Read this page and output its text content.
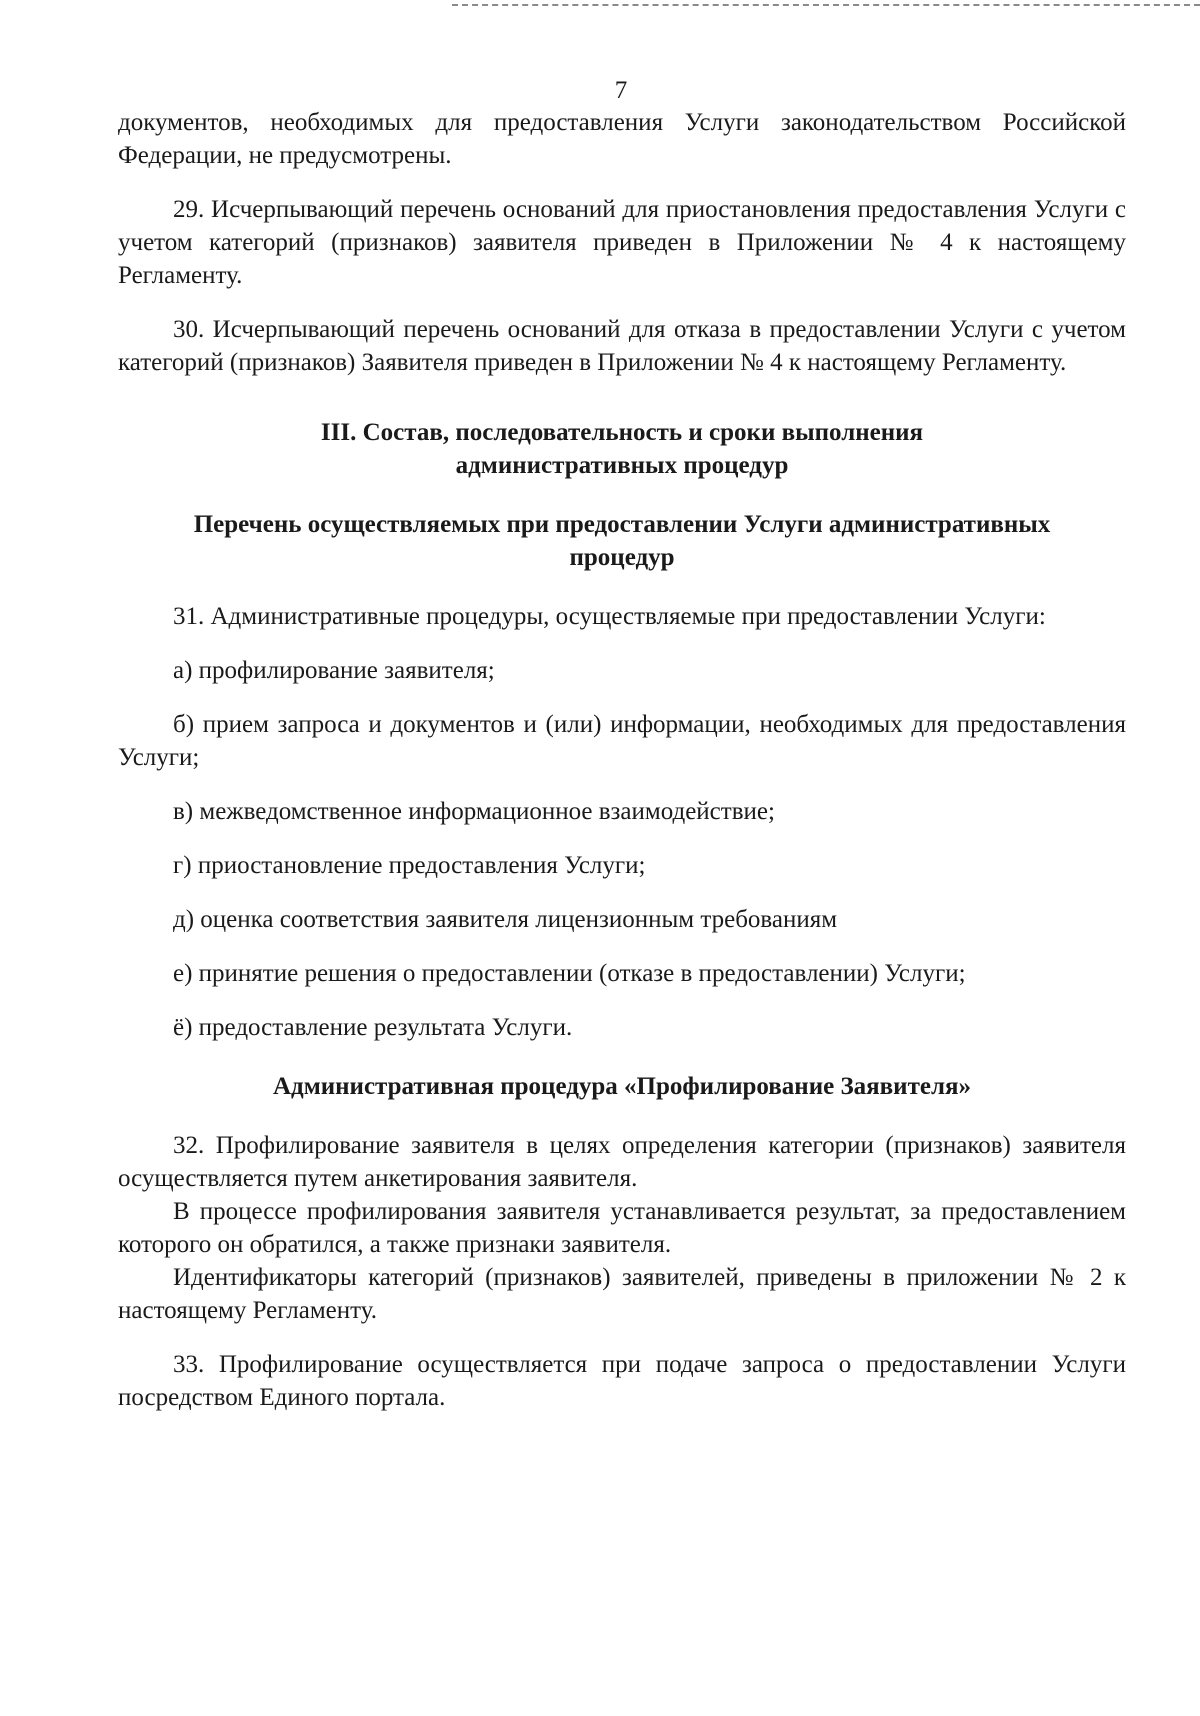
7

документов, необходимых для предоставления Услуги законодательством Российской Федерации, не предусмотрены.

29. Исчерпывающий перечень оснований для приостановления предоставления Услуги с учетом категорий (признаков) заявителя приведен в Приложении № 4 к настоящему Регламенту.

30. Исчерпывающий перечень оснований для отказа в предоставлении Услуги с учетом категорий (признаков) Заявителя приведен в Приложении № 4 к настоящему Регламенту.

III. Состав, последовательность и сроки выполнения

административных процедур

Перечень осуществляемых при предоставлении Услуги административных

процедур

31. Административные процедуры, осуществляемые при предоставлении Услуги:

а) профилирование заявителя;

б) прием запроса и документов и (или) информации, необходимых для предоставления Услуги;

в) межведомственное информационное взаимодействие;

г) приостановление предоставления Услуги;

д) оценка соответствия заявителя лицензионным требованиям

е) принятие решения о предоставлении (отказе в предоставлении) Услуги;

ё) предоставление результата Услуги.

Административная процедура «Профилирование Заявителя»

32. Профилирование заявителя в целях определения категории (признаков) заявителя осуществляется путем анкетирования заявителя.

В процессе профилирования заявителя устанавливается результат, за предоставлением которого он обратился, а также признаки заявителя.

Идентификаторы категорий (признаков) заявителей, приведены в приложении № 2 к настоящему Регламенту.

33. Профилирование осуществляется при подаче запроса о предоставлении Услуги посредством Единого портала.
